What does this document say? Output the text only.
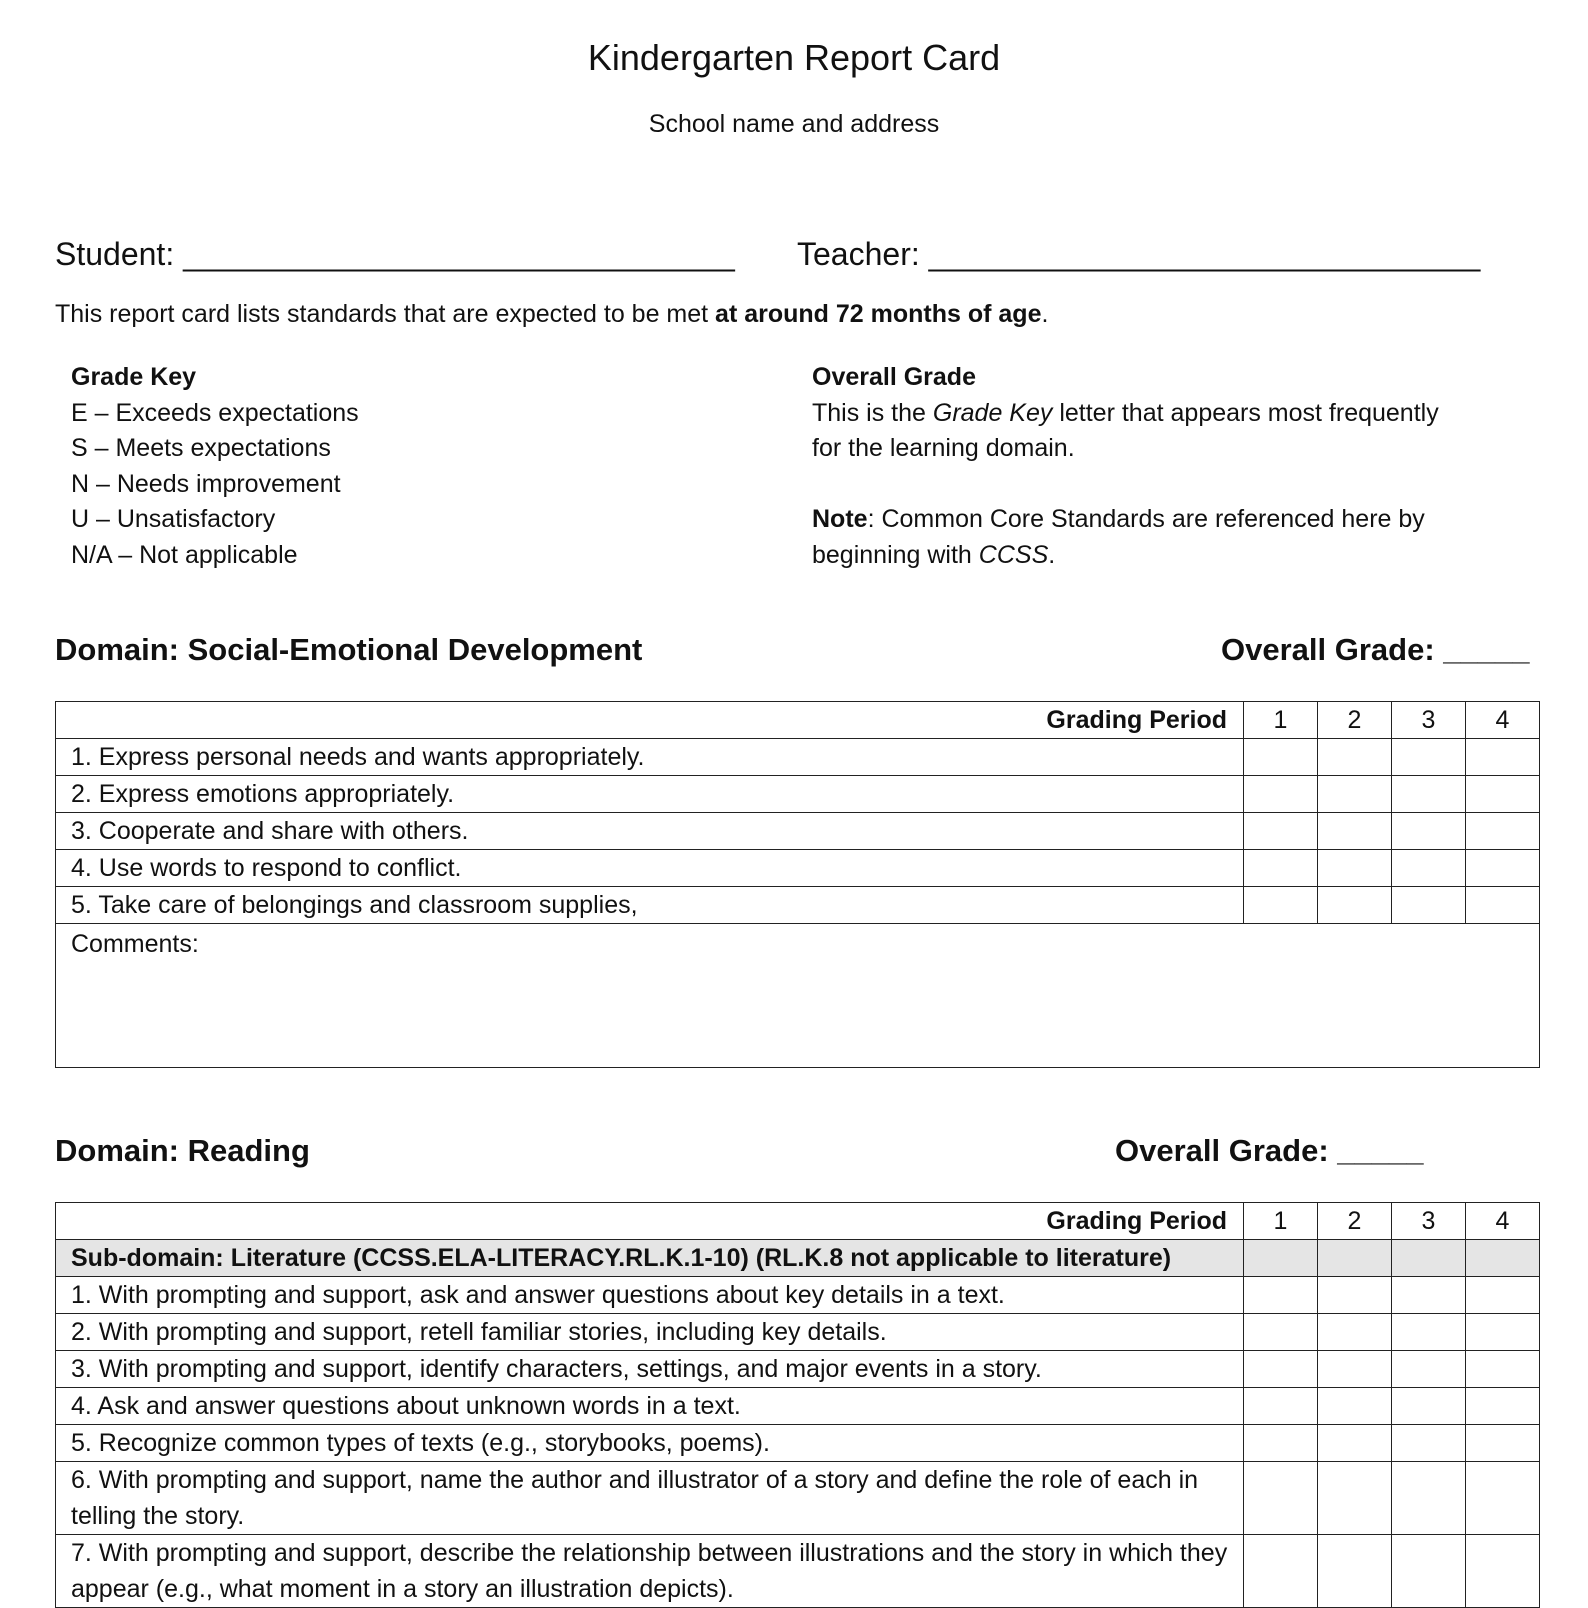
Kindergarten Report Card
School name and address
Student: _______________________________ Teacher: _______________________________
This report card lists standards that are expected to be met at around 72 months of age.
Grade Key
E – Exceeds expectations
S – Meets expectations
N – Needs improvement
U – Unsatisfactory
N/A – Not applicable
Overall Grade
This is the Grade Key letter that appears most frequently
for the learning domain.
Note: Common Core Standards are referenced here by
beginning with CCSS.
Domain: Social-Emotional Development	Overall Grade: _____
Grading Period	1	2	3	4
1. Express personal needs and wants appropriately.				
2. Express emotions appropriately.				
3. Cooperate and share with others.				
4. Use words to respond to conflict.				
5. Take care of belongings and classroom supplies,				
Comments:				
Domain: Reading	Overall Grade: _____
Grading Period	1	2	3	4
Sub-domain: Literature (CCSS.ELA-LITERACY.RL.K.1-10) (RL.K.8 not applicable to literature)				
1. With prompting and support, ask and answer questions about key details in a text.				
2. With prompting and support, retell familiar stories, including key details.				
3. With prompting and support, identify characters, settings, and major events in a story.				
4. Ask and answer questions about unknown words in a text.				
5. Recognize common types of texts (e.g., storybooks, poems).				
6. With prompting and support, name the author and illustrator of a story and define the role of each in telling the story.				
7. With prompting and support, describe the relationship between illustrations and the story in which they appear (e.g., what moment in a story an illustration depicts).				
